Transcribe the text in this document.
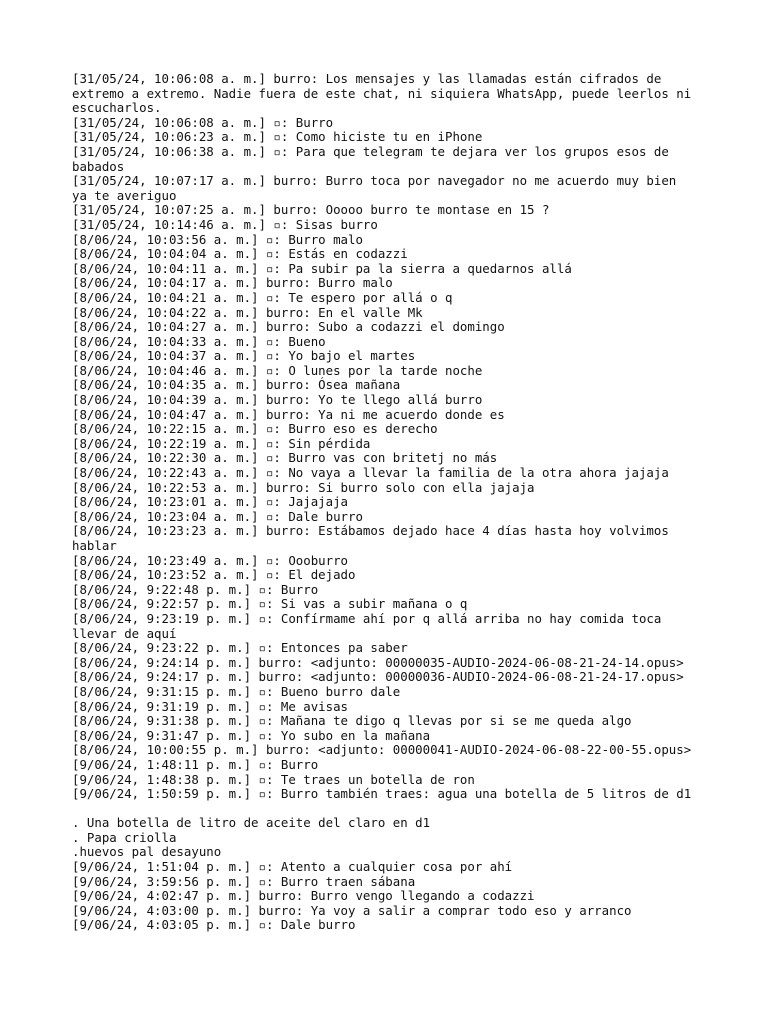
[31/05/24, 10:06:08 a. m.] burro: Los mensajes y las llamadas están cifrados de
extremo a extremo. Nadie fuera de este chat, ni siquiera WhatsApp, puede leerlos ni
escucharlos.
[31/05/24, 10:06:08 a. m.] ▫: Burro
[31/05/24, 10:06:23 a. m.] ▫: Como hiciste tu en iPhone
[31/05/24, 10:06:38 a. m.] ▫: Para que telegram te dejara ver los grupos esos de
babados
[31/05/24, 10:07:17 a. m.] burro: Burro toca por navegador no me acuerdo muy bien
ya te averiguo
[31/05/24, 10:07:25 a. m.] burro: Ooooo burro te montase en 15 ?
[31/05/24, 10:14:46 a. m.] ▫: Sisas burro
[8/06/24, 10:03:56 a. m.] ▫: Burro malo
[8/06/24, 10:04:04 a. m.] ▫: Estás en codazzi
[8/06/24, 10:04:11 a. m.] ▫: Pa subir pa la sierra a quedarnos allá
[8/06/24, 10:04:17 a. m.] burro: Burro malo
[8/06/24, 10:04:21 a. m.] ▫: Te espero por allá o q
[8/06/24, 10:04:22 a. m.] burro: En el valle Mk
[8/06/24, 10:04:27 a. m.] burro: Subo a codazzi el domingo
[8/06/24, 10:04:33 a. m.] ▫: Bueno
[8/06/24, 10:04:37 a. m.] ▫: Yo bajo el martes
[8/06/24, 10:04:46 a. m.] ▫: O lunes por la tarde noche
[8/06/24, 10:04:35 a. m.] burro: Ósea mañana
[8/06/24, 10:04:39 a. m.] burro: Yo te llego allá burro
[8/06/24, 10:04:47 a. m.] burro: Ya ni me acuerdo donde es
[8/06/24, 10:22:15 a. m.] ▫: Burro eso es derecho
[8/06/24, 10:22:19 a. m.] ▫: Sin pérdida
[8/06/24, 10:22:30 a. m.] ▫: Burro vas con britetj no más
[8/06/24, 10:22:43 a. m.] ▫: No vaya a llevar la familia de la otra ahora jajaja
[8/06/24, 10:22:53 a. m.] burro: Si burro solo con ella jajaja
[8/06/24, 10:23:01 a. m.] ▫: Jajajaja
[8/06/24, 10:23:04 a. m.] ▫: Dale burro
[8/06/24, 10:23:23 a. m.] burro: Estábamos dejado hace 4 días hasta hoy volvimos
hablar
[8/06/24, 10:23:49 a. m.] ▫: Oooburro
[8/06/24, 10:23:52 a. m.] ▫: El dejado
[8/06/24, 9:22:48 p. m.] ▫: Burro
[8/06/24, 9:22:57 p. m.] ▫: Si vas a subir mañana o q
[8/06/24, 9:23:19 p. m.] ▫: Confírmame ahí por q allá arriba no hay comida toca
llevar de aquí
[8/06/24, 9:23:22 p. m.] ▫: Entonces pa saber
[8/06/24, 9:24:14 p. m.] burro: <adjunto: 00000035-AUDIO-2024-06-08-21-24-14.opus>
[8/06/24, 9:24:17 p. m.] burro: <adjunto: 00000036-AUDIO-2024-06-08-21-24-17.opus>
[8/06/24, 9:31:15 p. m.] ▫: Bueno burro dale
[8/06/24, 9:31:19 p. m.] ▫: Me avisas
[8/06/24, 9:31:38 p. m.] ▫: Mañana te digo q llevas por si se me queda algo
[8/06/24, 9:31:47 p. m.] ▫: Yo subo en la mañana
[8/06/24, 10:00:55 p. m.] burro: <adjunto: 00000041-AUDIO-2024-06-08-22-00-55.opus>
[9/06/24, 1:48:11 p. m.] ▫: Burro
[9/06/24, 1:48:38 p. m.] ▫: Te traes un botella de ron
[9/06/24, 1:50:59 p. m.] ▫: Burro también traes: agua una botella de 5 litros de d1
. Una botella de litro de aceite del claro en d1
. Papa criolla
.huevos pal desayuno
[9/06/24, 1:51:04 p. m.] ▫: Atento a cualquier cosa por ahí
[9/06/24, 3:59:56 p. m.] ▫: Burro traen sábana
[9/06/24, 4:02:47 p. m.] burro: Burro vengo llegando a codazzi
[9/06/24, 4:03:00 p. m.] burro: Ya voy a salir a comprar todo eso y arranco
[9/06/24, 4:03:05 p. m.] ▫: Dale burro
